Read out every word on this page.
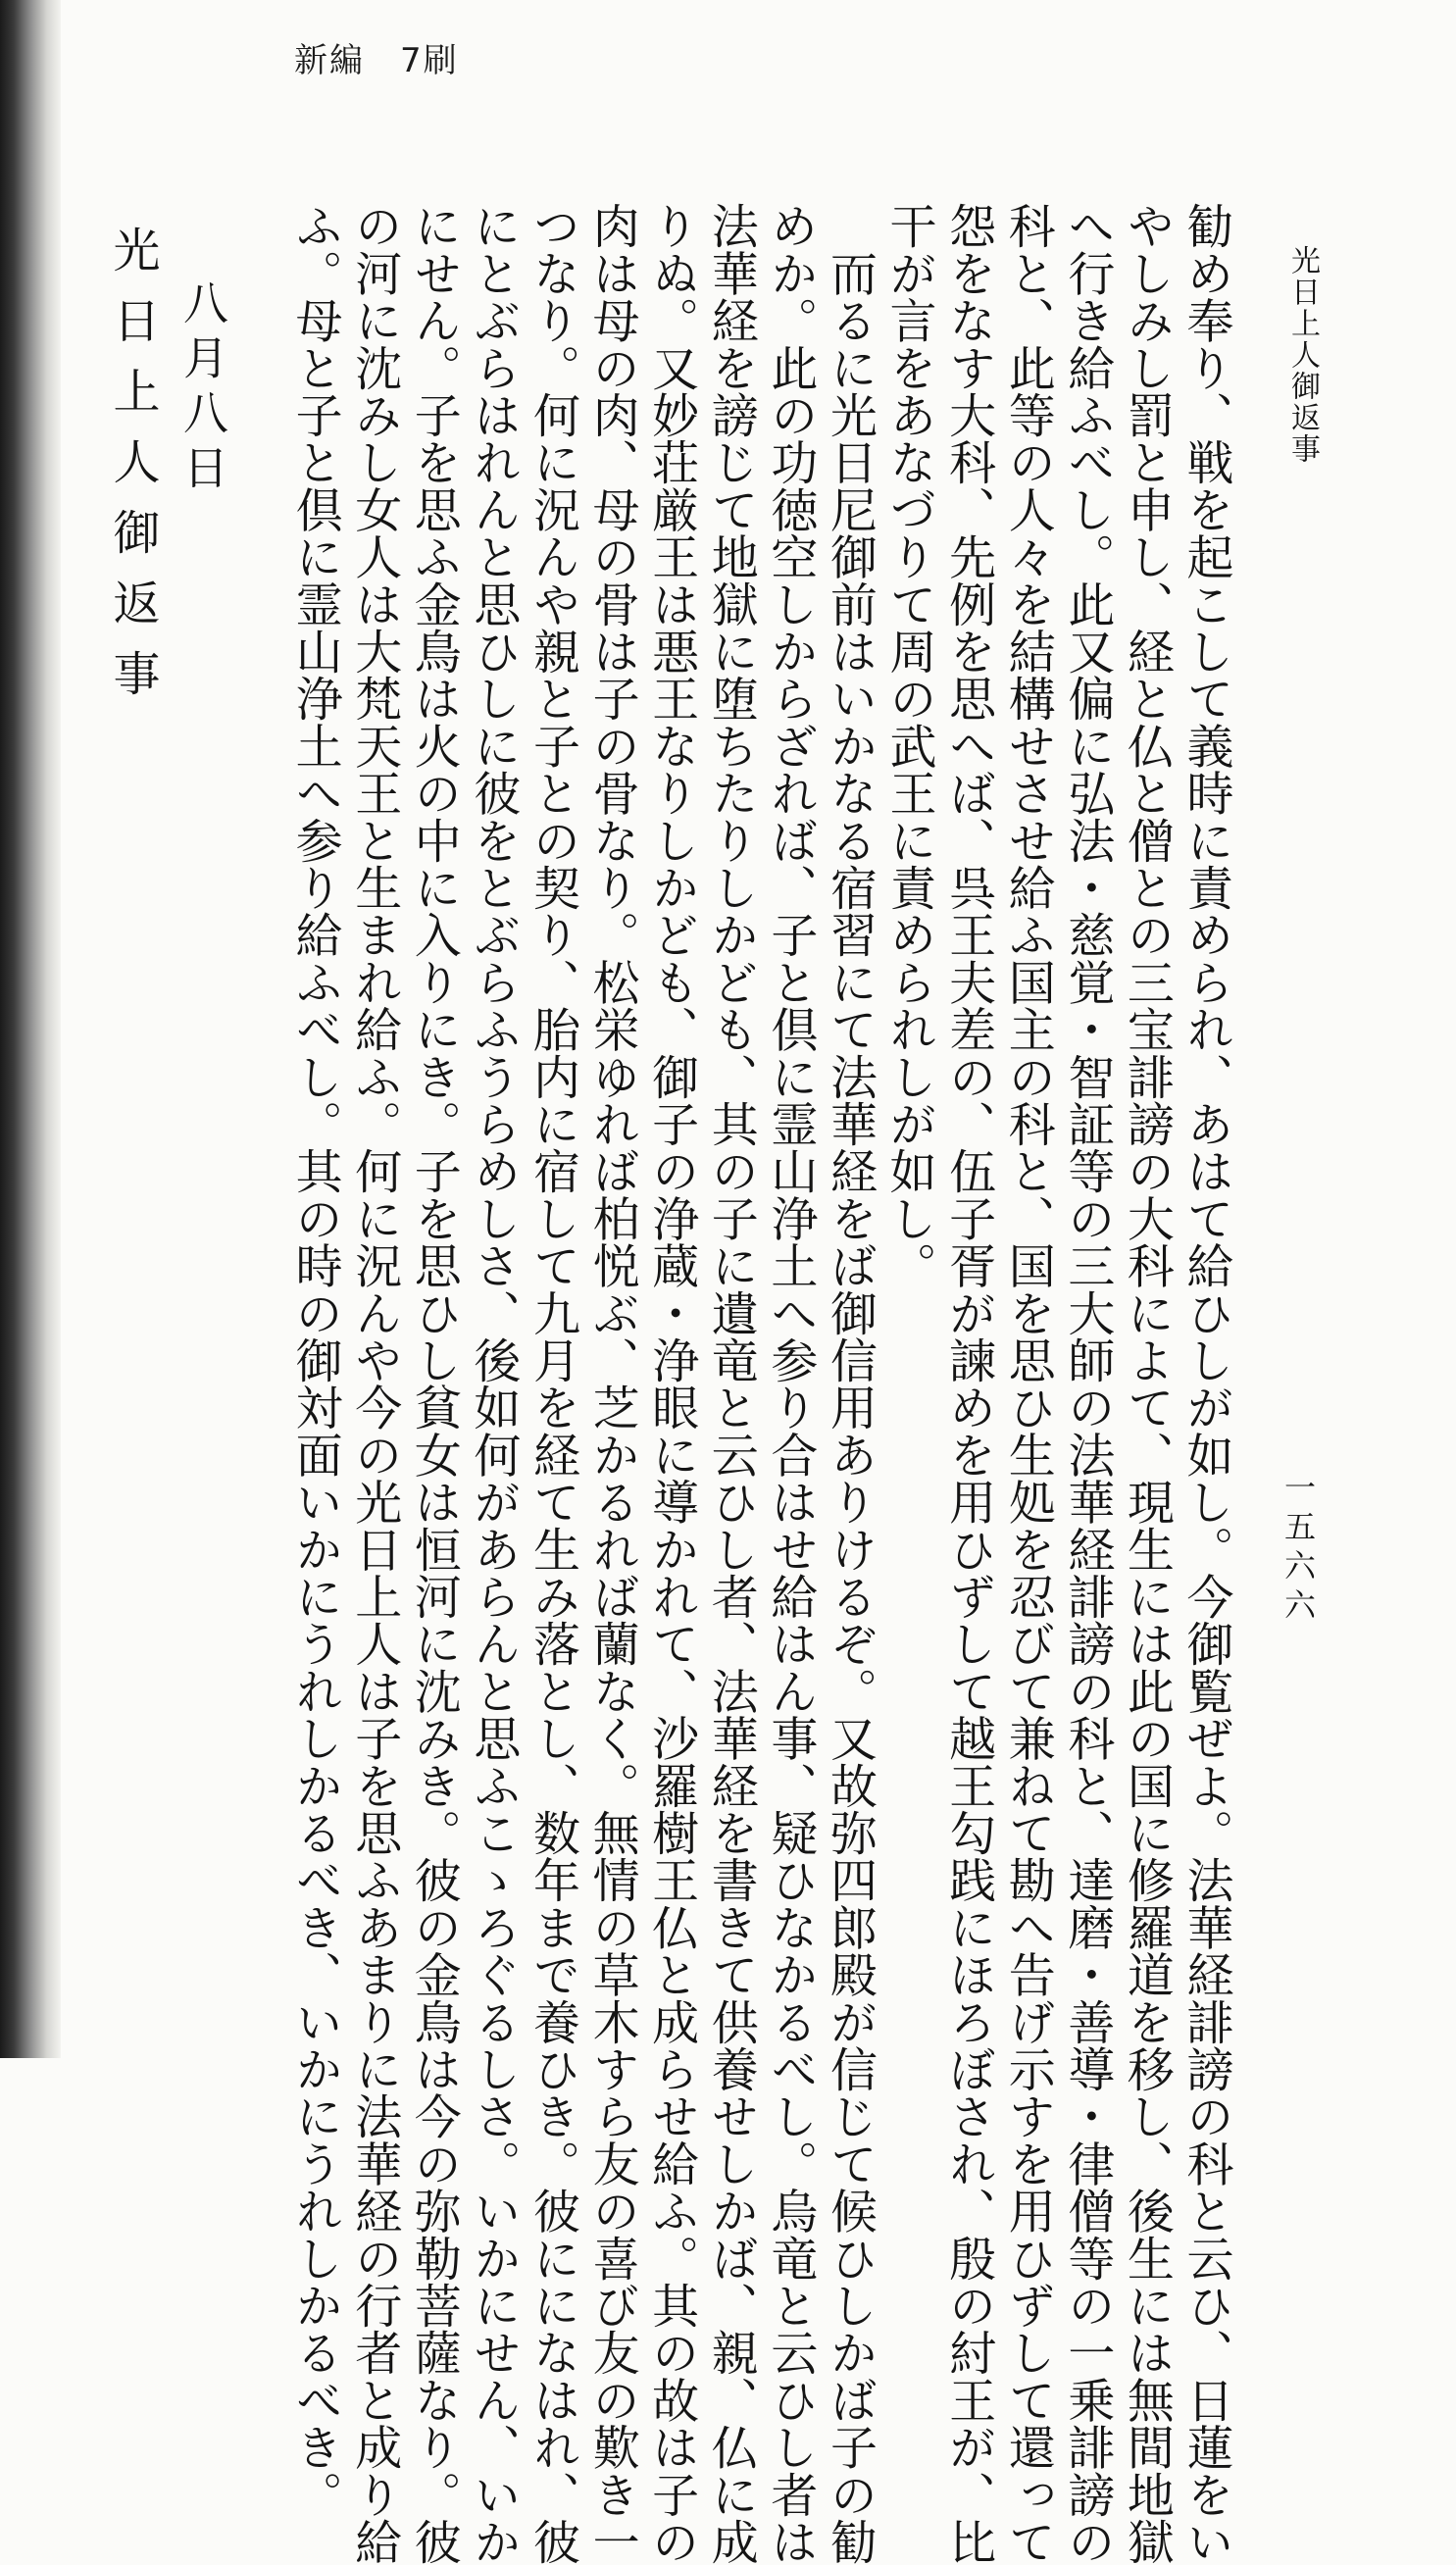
新編　7刷
光日上人御返事
一五六六
勧め奉り、戦を起こして義時に責められ、あはて給ひしが如し。今御覧ぜよ。法華経誹謗の科と云ひ、日蓮をい
やしみし罰と申し、経と仏と僧との三宝誹謗の大科によて、現生には此の国に修羅道を移し、後生には無間地獄
へ行き給ふべし。此又偏に弘法・慈覚・智証等の三大師の法華経誹謗の科と、達磨・善導・律僧等の一乗誹謗の
科と、此等の人々を結構せさせ給ふ国主の科と、国を思ひ生処を忍びて兼ねて勘へ告げ示すを用ひずして還って
怨をなす大科、先例を思へば、呉王夫差の、伍子胥が諫めを用ひずして越王勾践にほろぼされ、殷の紂王が、比
干が言をあなづりて周の武王に責められしが如し。
　而るに光日尼御前はいかなる宿習にて法華経をば御信用ありけるぞ。又故弥四郎殿が信じて候ひしかば子の勧
めか。此の功徳空しからざれば、子と倶に霊山浄土へ参り合はせ給はん事、疑ひなかるべし。烏竜と云ひし者は
法華経を謗じて地獄に堕ちたりしかども、其の子に遺竜と云ひし者、法華経を書きて供養せしかば、親、仏に成
りぬ。又妙荘厳王は悪王なりしかども、御子の浄蔵・浄眼に導かれて、沙羅樹王仏と成らせ給ふ。其の故は子の
肉は母の肉、母の骨は子の骨なり。松栄ゆれば柏悦ぶ、芝かるれば蘭なく。無情の草木すら友の喜び友の歎き一
つなり。何に況んや親と子との契り、胎内に宿して九月を経て生み落とし、数年まで養ひき。彼にになはれ、彼
にとぶらはれんと思ひしに彼をとぶらふうらめしさ、後如何があらんと思ふこゝろぐるしさ。いかにせん、いか
にせん。子を思ふ金鳥は火の中に入りにき。子を思ひし貧女は恒河に沈みき。彼の金鳥は今の弥勒菩薩なり。彼
の河に沈みし女人は大梵天王と生まれ給ふ。何に況んや今の光日上人は子を思ふあまりに法華経の行者と成り給
ふ。母と子と倶に霊山浄土へ参り給ふべし。其の時の御対面いかにうれしかるべき、いかにうれしかるべき。
八月八日
光日上人御返事
